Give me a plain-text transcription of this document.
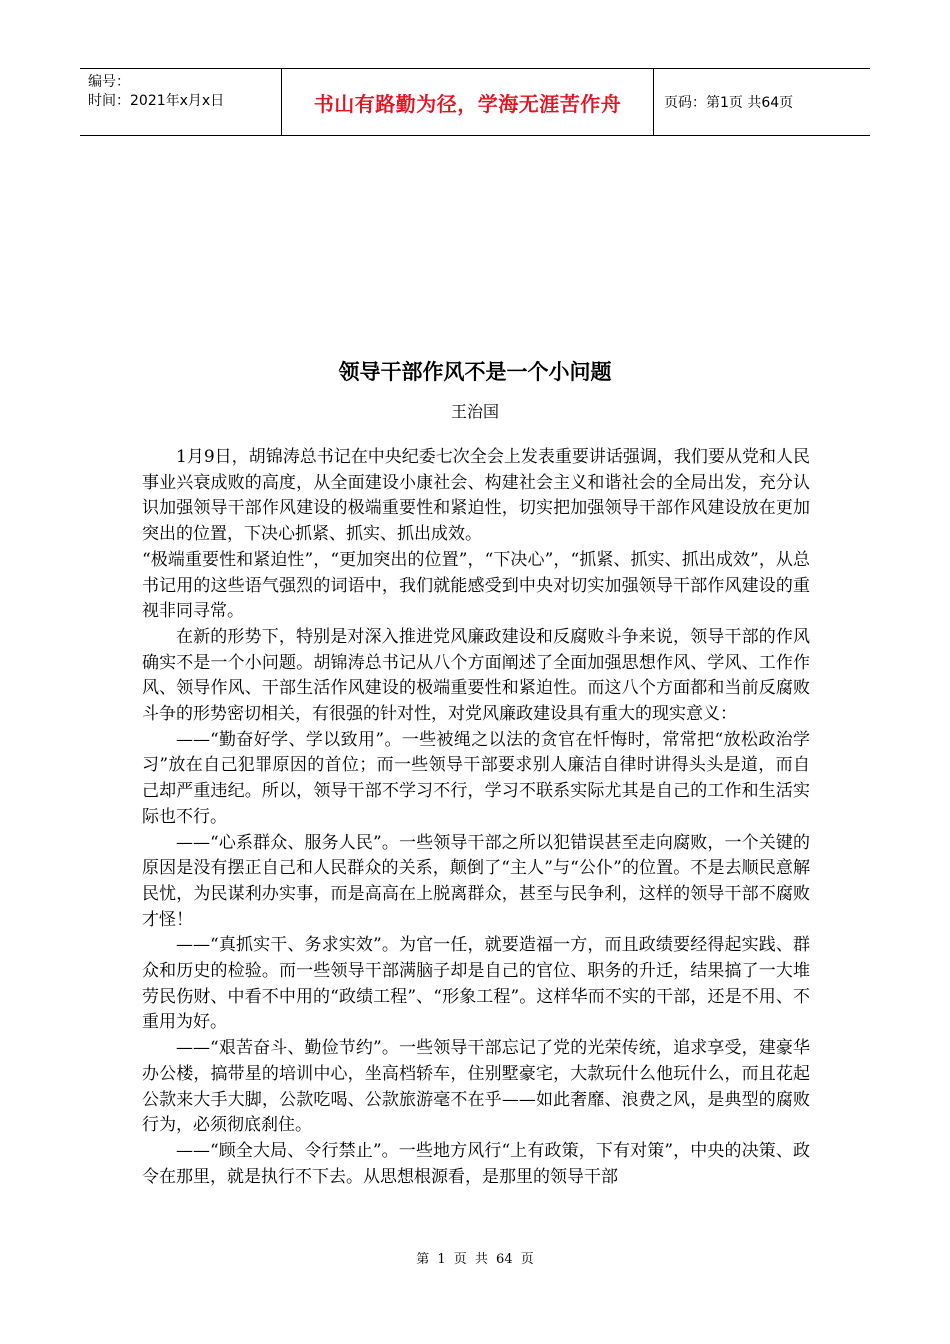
编号：
时间：2021年x月x日	书山有路勤为径，学海无涯苦作舟	页码：第1页 共64页
领导干部作风不是一个小问题
王治国

1月9日，胡锦涛总书记在中央纪委七次全会上发表重要讲话强调，我们要从党和人民事业兴衰成败的高度，从全面建设小康社会、构建社会主义和谐社会的全局出发，充分认识加强领导干部作风建设的极端重要性和紧迫性，切实把加强领导干部作风建设放在更加突出的位置，下决心抓紧、抓实、抓出成效。

“极端重要性和紧迫性”，“更加突出的位置”，“下决心”，“抓紧、抓实、抓出成效”，从总书记用的这些语气强烈的词语中，我们就能感受到中央对切实加强领导干部作风建设的重视非同寻常。

在新的形势下，特别是对深入推进党风廉政建设和反腐败斗争来说，领导干部的作风确实不是一个小问题。胡锦涛总书记从八个方面阐述了全面加强思想作风、学风、工作作风、领导作风、干部生活作风建设的极端重要性和紧迫性。而这八个方面都和当前反腐败斗争的形势密切相关，有很强的针对性，对党风廉政建设具有重大的现实意义：

——“勤奋好学、学以致用”。一些被绳之以法的贪官在忏悔时，常常把“放松政治学习”放在自己犯罪原因的首位；而一些领导干部要求别人廉洁自律时讲得头头是道，而自己却严重违纪。所以，领导干部不学习不行，学习不联系实际尤其是自己的工作和生活实际也不行。

——“心系群众、服务人民”。一些领导干部之所以犯错误甚至走向腐败，一个关键的原因是没有摆正自己和人民群众的关系，颠倒了“主人”与“公仆”的位置。不是去顺民意解民忧，为民谋利办实事，而是高高在上脱离群众，甚至与民争利，这样的领导干部不腐败才怪！

——“真抓实干、务求实效”。为官一任，就要造福一方，而且政绩要经得起实践、群众和历史的检验。而一些领导干部满脑子却是自己的官位、职务的升迁，结果搞了一大堆劳民伤财、中看不中用的“政绩工程”、“形象工程”。这样华而不实的干部，还是不用、不重用为好。

——“艰苦奋斗、勤俭节约”。一些领导干部忘记了党的光荣传统，追求享受，建豪华办公楼，搞带星的培训中心，坐高档轿车，住别墅豪宅，大款玩什么他玩什么，而且花起公款来大手大脚，公款吃喝、公款旅游毫不在乎——如此奢靡、浪费之风，是典型的腐败行为，必须彻底刹住。

——“顾全大局、令行禁止”。一些地方风行“上有政策，下有对策”，中央的决策、政令在那里，就是执行不下去。从思想根源看，是那里的领导干部

第 1 页 共 64 页
